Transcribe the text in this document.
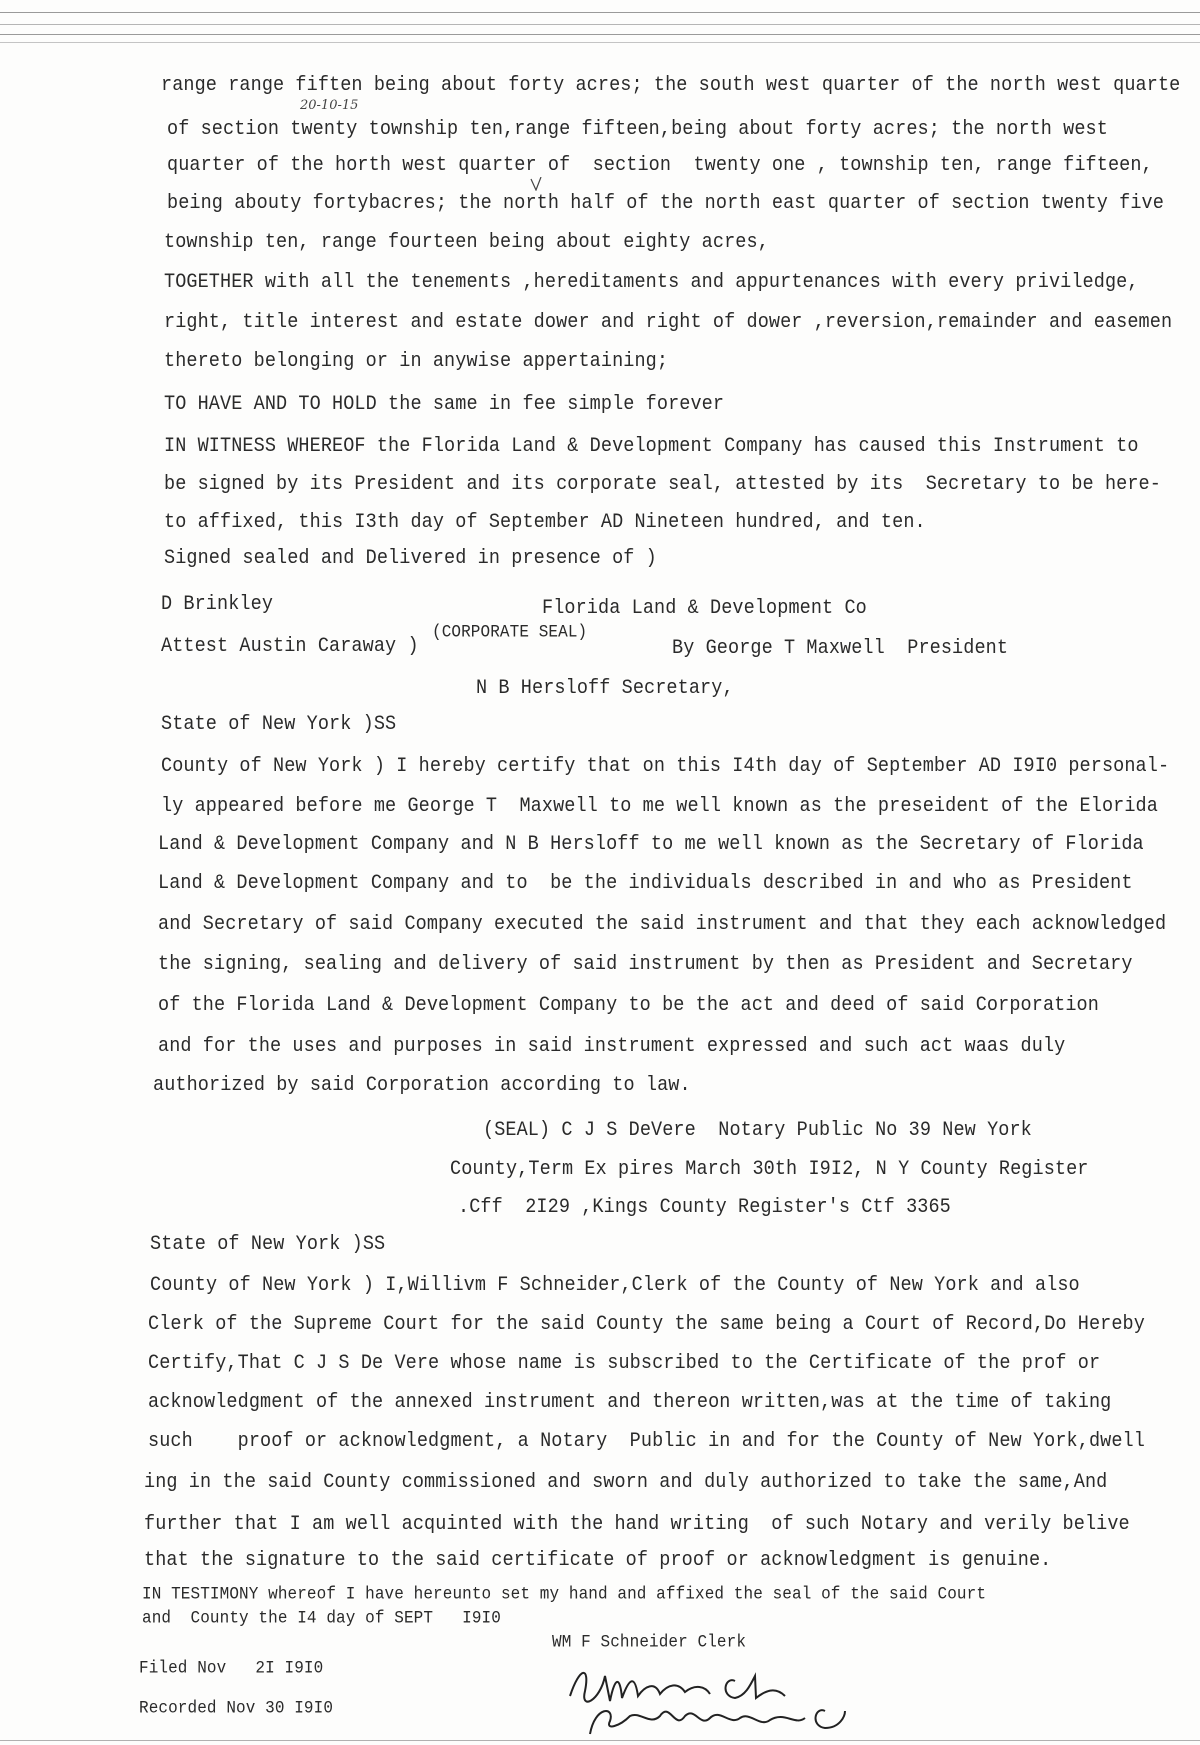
20-10-15
range range fiften being about forty acres; the south west quarter of the north west quarte
of section twenty township ten,range fifteen,being about forty acres; the north west
quarter of the horth west quarter of  section  twenty one , township ten, range fifteen,
being abouty fortybacres; the north half of the north east quarter of section twenty five
township ten, range fourteen being about eighty acres,
TOGETHER with all the tenements ,hereditaments and appurtenances with every priviledge,
right, title interest and estate dower and right of dower ,reversion,remainder and easemen
thereto belonging or in anywise appertaining;
TO HAVE AND TO HOLD the same in fee simple forever
IN WITNESS WHEREOF the Florida Land & Development Company has caused this Instrument to
be signed by its President and its corporate seal, attested by its  Secretary to be here-
to affixed, this I3th day of September AD Nineteen hundred, and ten.
Signed sealed and Delivered in presence of )
D Brinkley	Florida Land & Development Co
Attest Austin Caraway )
(CORPORATE SEAL)
By George T Maxwell  President
N B Hersloff Secretary,
State of New York )SS
County of New York ) I hereby certify that on this I4th day of September AD I9I0 personal-
ly appeared before me George T  Maxwell to me well known as the preseident of the Elorida
Land & Development Company and N B Hersloff to me well known as the Secretary of Florida
Land & Development Company and to  be the individuals described in and who as President
and Secretary of said Company executed the said instrument and that they each acknowledged
the signing, sealing and delivery of said instrument by then as President and Secretary
of the Florida Land & Development Company to be the act and deed of said Corporation
and for the uses and purposes in said instrument expressed and such act waas duly
authorized by said Corporation according to law.
(SEAL) C J S DeVere  Notary Public No 39 New York
County,Term Ex pires March 30th I9I2, N Y County Register
.Cff  2I29 ,Kings County Register's Ctf 3365
State of New York )SS
County of New York ) I,Willivm F Schneider,Clerk of the County of New York and also
Clerk of the Supreme Court for the said County the same being a Court of Record,Do Hereby
Certify,That C J S De Vere whose name is subscribed to the Certificate of the prof or
acknowledgment of the annexed instrument and thereon written,was at the time of taking
such    proof or acknowledgment, a Notary  Public in and for the County of New York,dwell
ing in the said County commissioned and sworn and duly authorized to take the same,And
further that I am well acquinted with the hand writing  of such Notary and verily belive
that the signature to the said certificate of proof or acknowledgment is genuine.
IN TESTIMONY whereof I have hereunto set my hand and affixed the seal of the said Court
and  County the I4 day of SEPT   I9I0
WM F Schneider Clerk
Filed Nov   2I I9I0
Recorded Nov 30 I9I0
